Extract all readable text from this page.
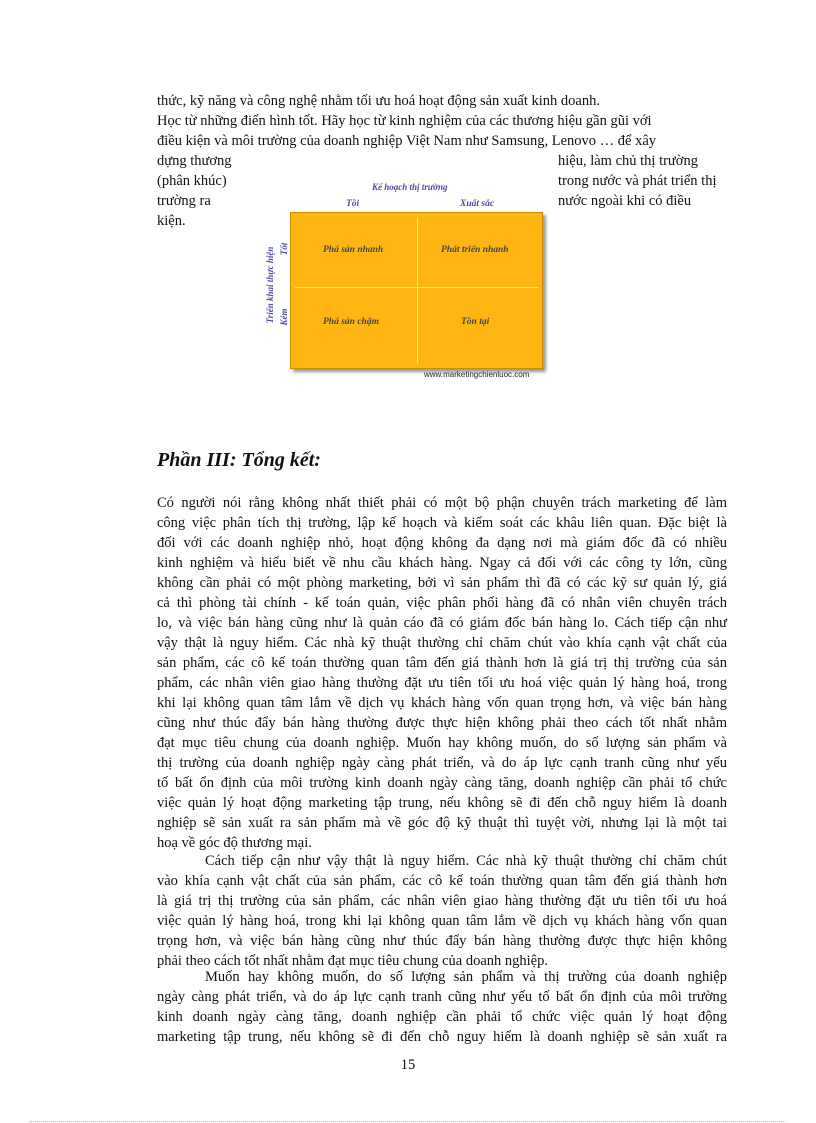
thức, kỹ năng và công nghệ nhằm tối ưu hoá hoạt động sản xuất kinh doanh.
Học từ những điển hình tốt. Hãy học từ kinh nghiệm của các thương hiệu gần gũi với
điều kiện và môi trường của doanh nghiệp Việt Nam như Samsung, Lenovo … để xây
dựng thương
(phân khúc)
trường ra
kiện.
hiệu, làm chủ thị trường
trong nước và phát triển thị
nước ngoài khi có điều
Kế hoạch thị trường
Tồi	Xuất sắc
Triển khai thực hiện Tốt
Kém
Phá sản nhanh	Phát triển nhanh
Phá sản chậm	Tồn tại
www.marketingchienluoc.com
Phần III: Tổng kết:
Có người nói rằng không nhất thiết phải có một bộ phận chuyên trách marketing để làm
công việc phân tích thị trường, lập kế hoạch và kiểm soát các khâu liên quan. Đặc biệt là
đối với các doanh nghiệp nhỏ, hoạt động không đa dạng nơi mà giám đốc đã có nhiều
kinh nghiệm và hiểu biết về nhu cầu khách hàng. Ngay cả đối với các công ty lớn, cũng
không cần phải có một phòng marketing, bởi vì sản phẩm thì đã có các kỹ sư quản lý, giá
cả thì phòng tài chính - kế toán quản, việc phân phối hàng đã có nhân viên chuyên trách
lo, và việc bán hàng cũng như là quản cáo đã có giám đốc bán hàng lo. Cách tiếp cận như
vậy thật là nguy hiểm. Các nhà kỹ thuật thường chỉ chăm chút vào khía cạnh vật chất của
sản phẩm, các cô kế toán thường quan tâm đến giá thành hơn là giá trị thị trường của sản
phẩm, các nhân viên giao hàng thường đặt ưu tiên tối ưu hoá việc quản lý hàng hoá, trong
khi lại không quan tâm lắm về dịch vụ khách hàng vốn quan trọng hơn, và việc bán hàng
cũng như thúc đẩy bán hàng thường được thực hiện không phải theo cách tốt nhất nhằm
đạt mục tiêu chung của doanh nghiệp. Muốn hay không muốn, do số lượng sản phẩm và
thị trường của doanh nghiệp ngày càng phát triển, và do áp lực cạnh tranh cũng như yếu
tố bất ổn định của môi trường kinh doanh ngày càng tăng, doanh nghiệp cần phải tổ chức
việc quản lý hoạt động marketing tập trung, nếu không sẽ đi đến chỗ nguy hiểm là doanh
nghiệp sẽ sản xuất ra sản phẩm mà về góc độ kỹ thuật thì tuyệt vời, nhưng lại là một tai
hoạ về góc độ thương mại.
Cách tiếp cận như vậy thật là nguy hiểm. Các nhà kỹ thuật thường chỉ chăm chút
vào khía cạnh vật chất của sản phẩm, các cô kế toán thường quan tâm đến giá thành hơn
là giá trị thị trường của sản phẩm, các nhân viên giao hàng thường đặt ưu tiên tối ưu hoá
việc quản lý hàng hoá, trong khi lại không quan tâm lắm về dịch vụ khách hàng vốn quan
trọng hơn, và việc bán hàng cũng như thúc đẩy bán hàng thường được thực hiện không
phải theo cách tốt nhất nhằm đạt mục tiêu chung của doanh nghiệp.
Muốn hay không muốn, do số lượng sản phẩm và thị trường của doanh nghiệp
ngày càng phát triển, và do áp lực cạnh tranh cũng như yếu tố bất ổn định của môi trường
kinh doanh ngày càng tăng, doanh nghiệp cần phải tổ chức việc quản lý hoạt động
marketing tập trung, nếu không sẽ đi đến chỗ nguy hiểm là doanh nghiệp sẽ sản xuất ra
15
